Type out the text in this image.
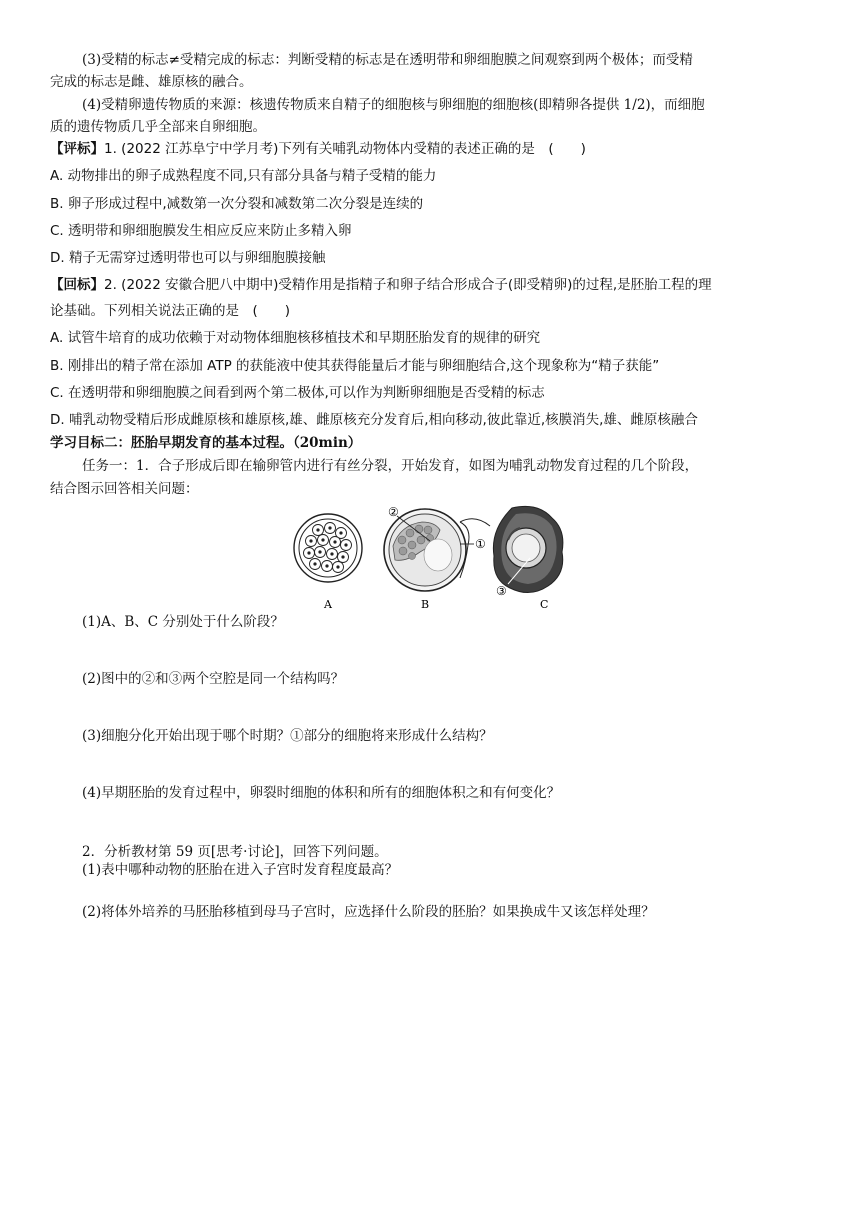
(3)受精的标志≠受精完成的标志：判断受精的标志是在透明带和卵细胞膜之间观察到两个极体；而受精
完成的标志是雌、雄原核的融合。
(4)受精卵遗传物质的来源：核遗传物质来自精子的细胞核与卵细胞的细胞核(即精卵各提供 1/2)，而细胞
质的遗传物质几乎全部来自卵细胞。
【评标】1. (2022 江苏阜宁中学月考)下列有关哺乳动物体内受精的表述正确的是　(　　)
A. 动物排出的卵子成熟程度不同,只有部分具备与精子受精的能力
B. 卵子形成过程中,减数第一次分裂和减数第二次分裂是连续的
C. 透明带和卵细胞膜发生相应反应来防止多精入卵
D. 精子无需穿过透明带也可以与卵细胞膜接触
【回标】2. (2022 安徽合肥八中期中)受精作用是指精子和卵子结合形成合子(即受精卵)的过程,是胚胎工程的理
论基础。下列相关说法正确的是　(　　)
A. 试管牛培育的成功依赖于对动物体细胞核移植技术和早期胚胎发育的规律的研究
B. 刚排出的精子常在添加 ATP 的获能液中使其获得能量后才能与卵细胞结合,这个现象称为“精子获能”
C. 在透明带和卵细胞膜之间看到两个第二极体,可以作为判断卵细胞是否受精的标志
D. 哺乳动物受精后形成雌原核和雄原核,雄、雌原核充分发育后,相向移动,彼此靠近,核膜消失,雄、雌原核融合
学习目标二：胚胎早期发育的基本过程。（20min）
任务一：1．合子形成后即在输卵管内进行有丝分裂，开始发育，如图为哺乳动物发育过程的几个阶段，
结合图示回答相关问题：
②
①
③
A	B	C
(1)A、B、C 分别处于什么阶段？
(2)图中的②和③两个空腔是同一个结构吗？
(3)细胞分化开始出现于哪个时期？①部分的细胞将来形成什么结构？
(4)早期胚胎的发育过程中，卵裂时细胞的体积和所有的细胞体积之和有何变化？
2．分析教材第 59 页[思考·讨论]，回答下列问题。
(1)表中哪种动物的胚胎在进入子宫时发育程度最高？
(2)将体外培养的马胚胎移植到母马子宫时，应选择什么阶段的胚胎？如果换成牛又该怎样处理？
